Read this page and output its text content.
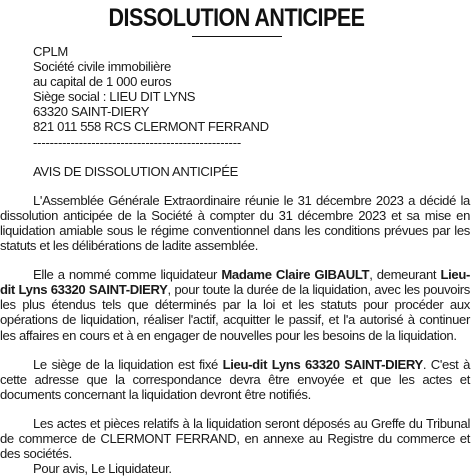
DISSOLUTION ANTICIPEE
CPLM
Société civile immobilière
au capital de 1 000 euros
Siège social : LIEU DIT LYNS
63320 SAINT-DIERY
821 011 558 RCS CLERMONT FERRAND
--------------------------------------------------
AVIS DE DISSOLUTION ANTICIPÉE
L'Assemblée Générale Extraordinaire réunie le 31 décembre 2023 a décidé la dissolution anticipée de la Société à compter du 31 décembre 2023 et sa mise en liquidation amiable sous le régime conventionnel dans les conditions prévues par les statuts et les délibérations de ladite assemblée.
Elle a nommé comme liquidateur Madame Claire GIBAULT, demeurant Lieu-dit Lyns 63320 SAINT-DIERY, pour toute la durée de la liquidation, avec les pouvoirs les plus étendus tels que déterminés par la loi et les statuts pour procéder aux opérations de liquidation, réaliser l'actif, acquitter le passif, et l'a autorisé à continuer les affaires en cours et à en engager de nouvelles pour les besoins de la liquidation.
Le siège de la liquidation est fixé Lieu-dit Lyns 63320 SAINT-DIERY. C'est à cette adresse que la correspondance devra être envoyée et que les actes et documents concernant la liquidation devront être notifiés.
Les actes et pièces relatifs à la liquidation seront déposés au Greffe du Tribunal de commerce de CLERMONT FERRAND, en annexe au Registre du commerce et des sociétés.
Pour avis, Le Liquidateur.
